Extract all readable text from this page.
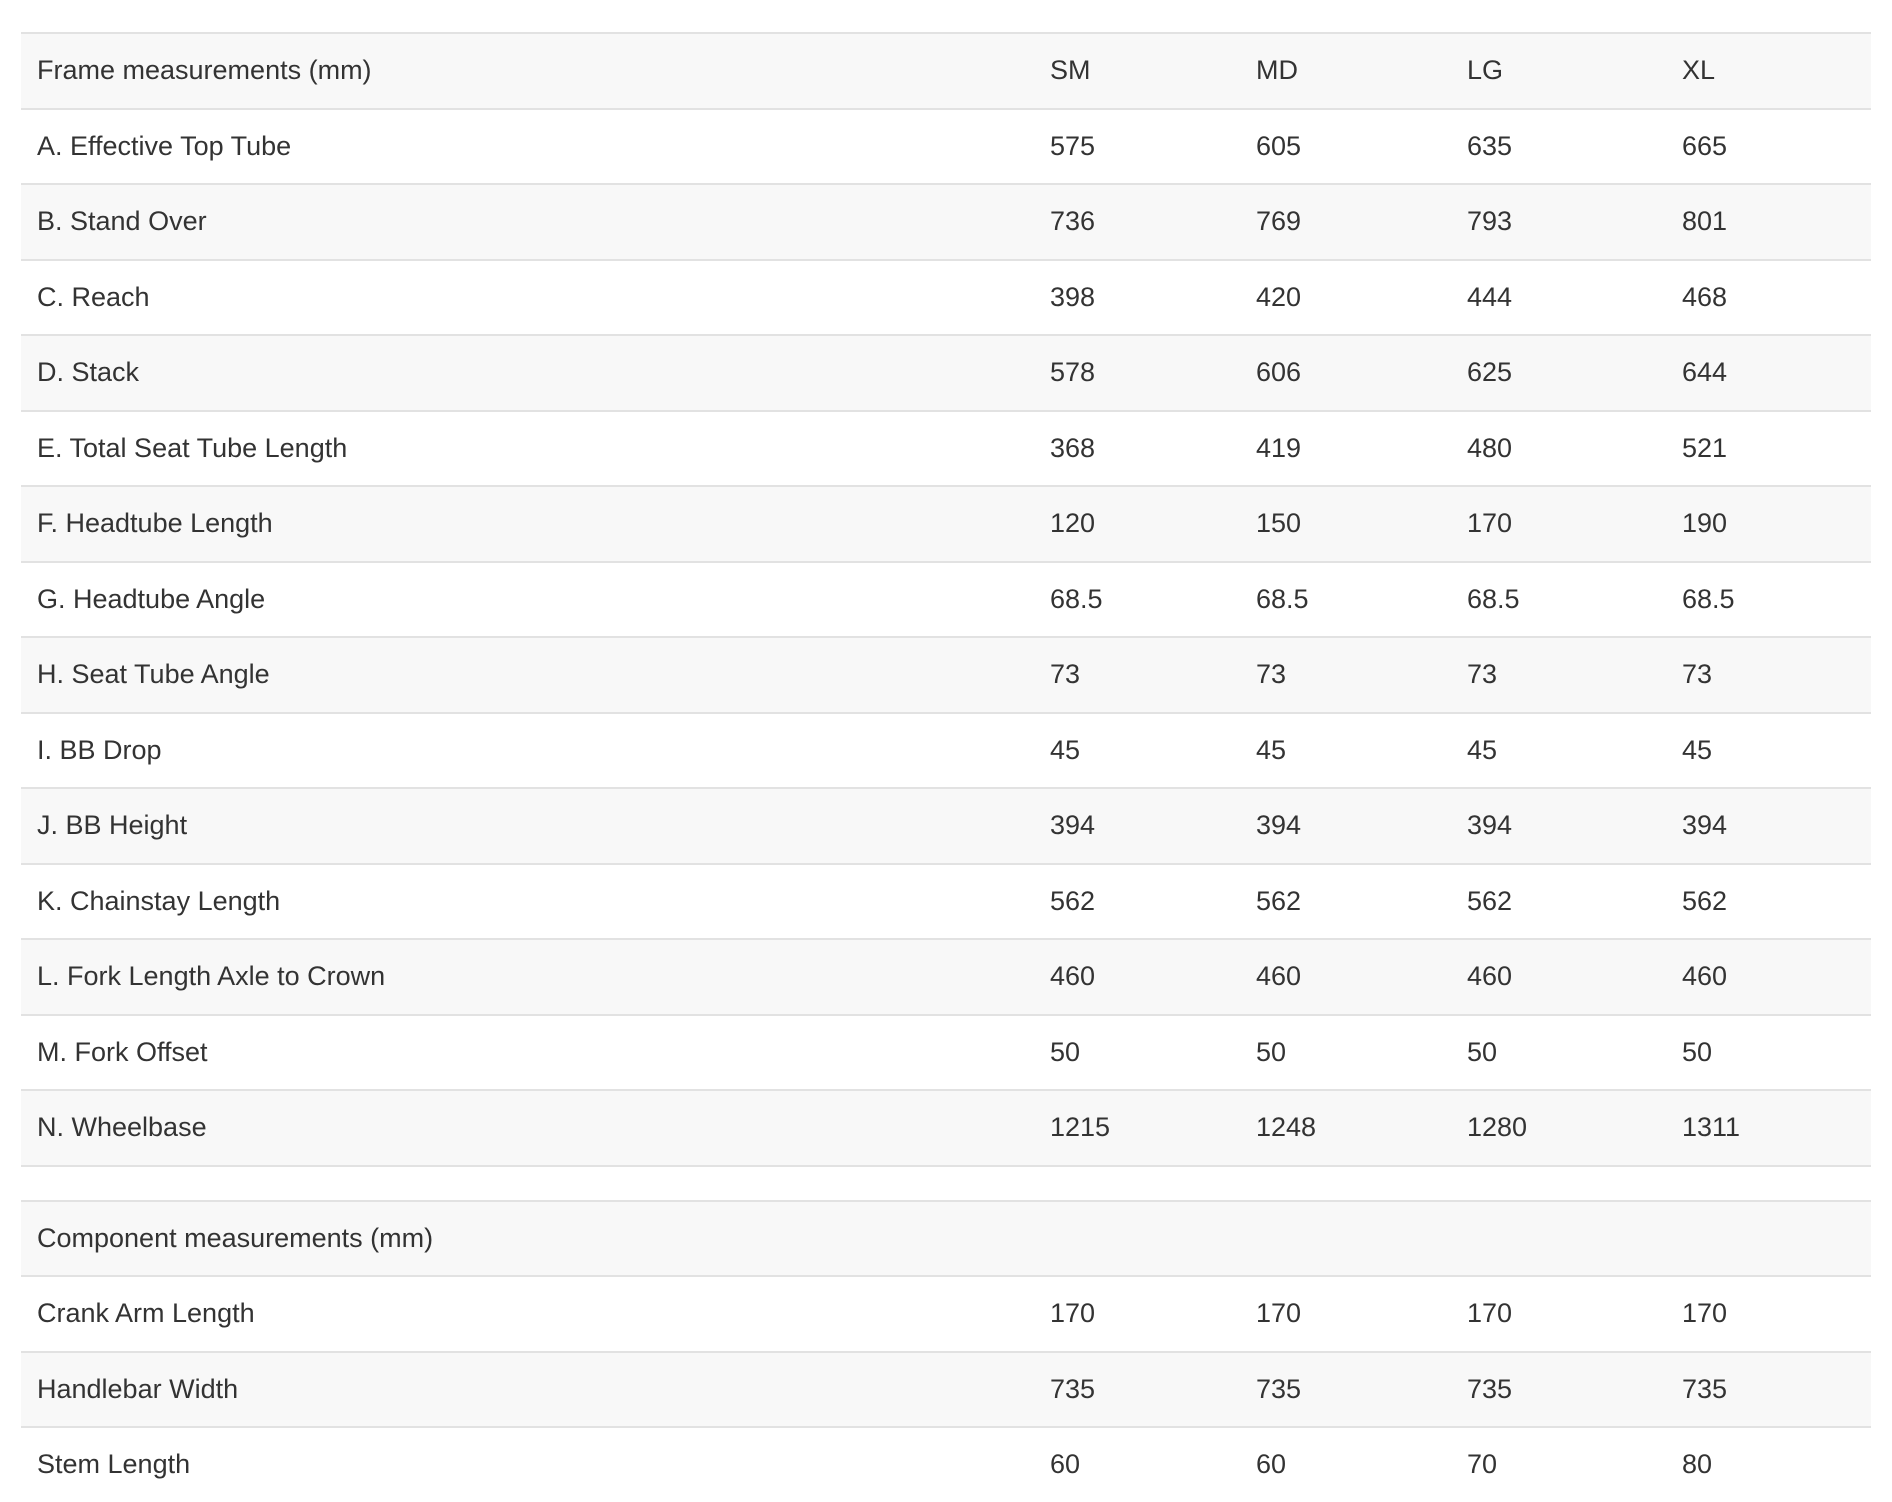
Frame measurements (mm)	SM	MD	LG	XL
A. Effective Top Tube	575	605	635	665
B. Stand Over	736	769	793	801
C. Reach	398	420	444	468
D. Stack	578	606	625	644
E. Total Seat Tube Length	368	419	480	521
F. Headtube Length	120	150	170	190
G. Headtube Angle	68.5	68.5	68.5	68.5
H. Seat Tube Angle	73	73	73	73
I. BB Drop	45	45	45	45
J. BB Height	394	394	394	394
K. Chainstay Length	562	562	562	562
L. Fork Length Axle to Crown	460	460	460	460
M. Fork Offset	50	50	50	50
N. Wheelbase	1215	1248	1280	1311
Component measurements (mm)				
Crank Arm Length	170	170	170	170
Handlebar Width	735	735	735	735
Stem Length	60	60	70	80
